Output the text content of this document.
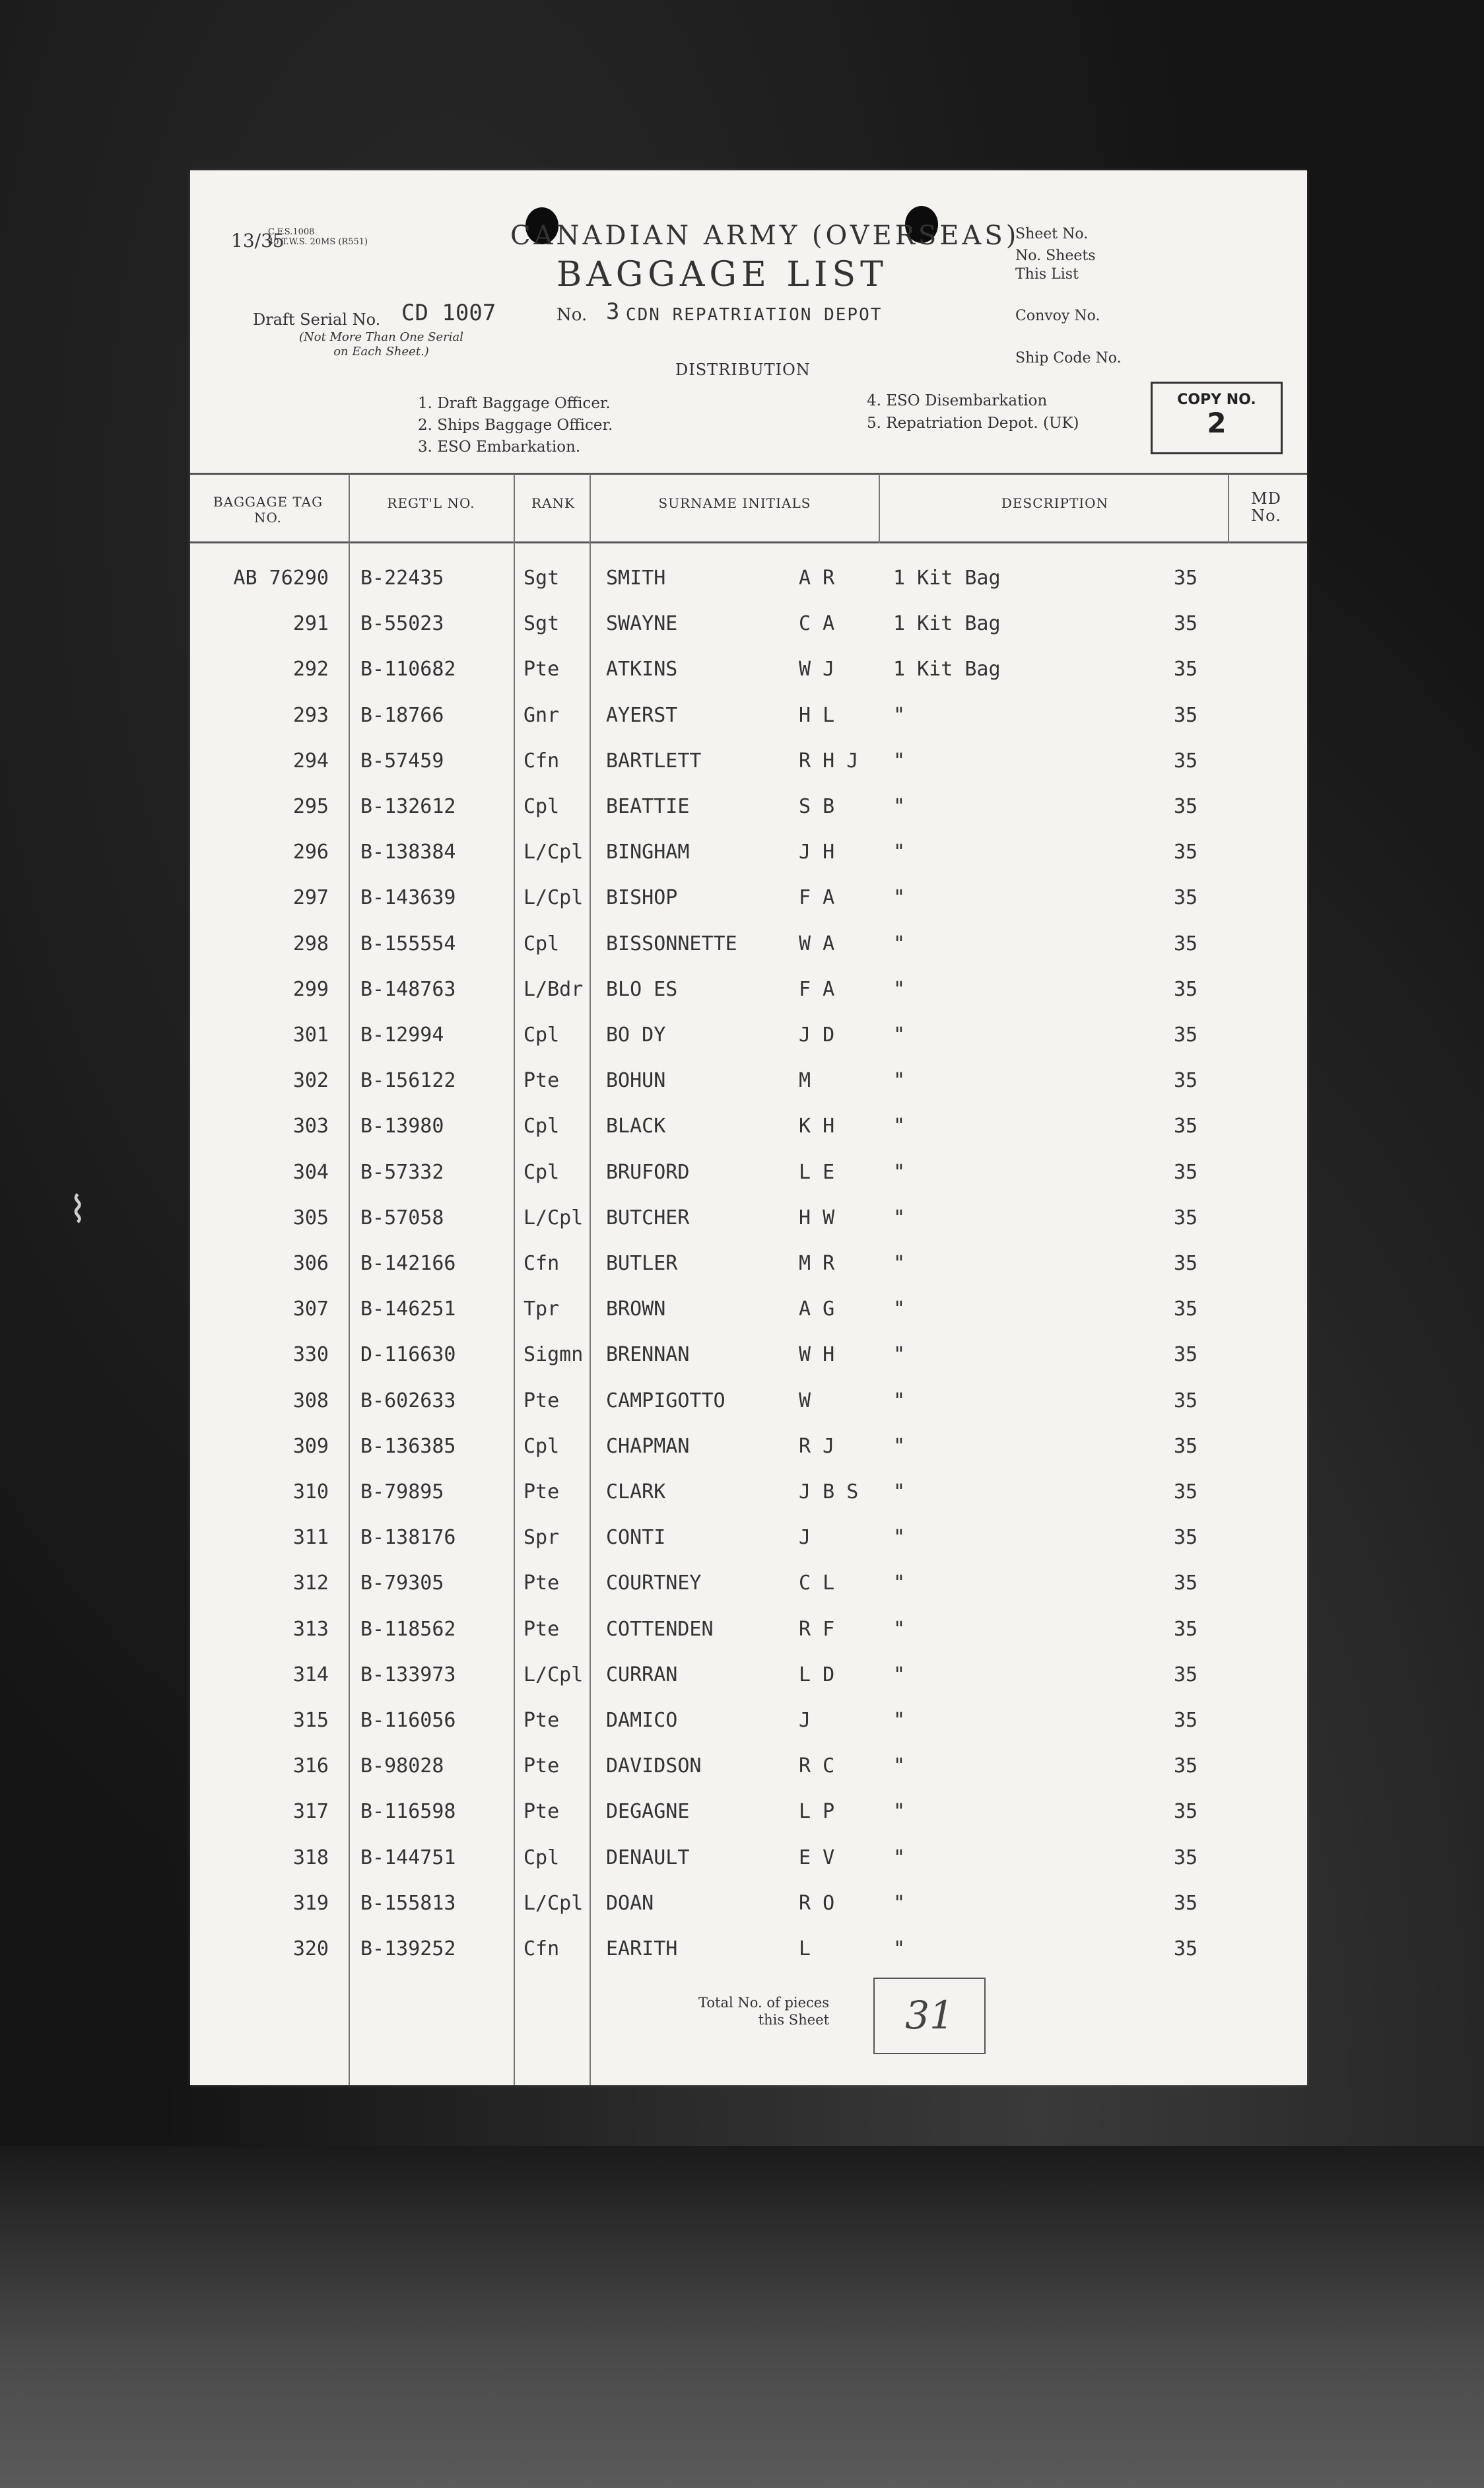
⌇
13/35
C.F.S.1008
40 T.W.S. 20MS (R551)	CANADIAN ARMY (OVERSEAS)
BAGGAGE LIST
Draft Serial No. CD 1007
(Not More Than One Serial
on Each Sheet.)
No. 3 CDN REPATRIATION DEPOT
Sheet No.
No. Sheets
This List
Convoy No.
Ship Code No.
DISTRIBUTION
1. Draft Baggage Officer.
2. Ships Baggage Officer.
3. ESO Embarkation.
4. ESO Disembarkation
5. Repatriation Depot. (UK)
COPY NO.
2
BAGGAGE TAG
NO.
REGT'L NO.	RANK	SURNAME INITIALS	DESCRIPTION	MD
No.
AB 76290 B-22435	Sgt SMITH	A R	1 Kit Bag	35
291 B-55023	Sgt SWAYNE	C A	1 Kit Bag	35
292 B-110682	Pte ATKINS	W J	1 Kit Bag	35
293 B-18766	Gnr AYERST	H L	"	35
294 B-57459	Cfn BARTLETT	R H J "	35
295 B-132612	Cpl BEATTIE	S B	"	35
296 B-138384	L/Cpl BINGHAM	J H	"	35
297 B-143639	L/Cpl BISHOP	F A	"	35
298 B-155554	Cpl BISSONNETTE	W A	"	35
299 B-148763	L/Bdr BLO ES	F A	"	35
301 B-12994	Cpl BO DY	J D	"	35
302 B-156122	Pte BOHUN	M	"	35
303 B-13980	Cpl BLACK	K H	"	35
304 B-57332	Cpl BRUFORD	L E	"	35
305 B-57058	L/Cpl BUTCHER	H W	"	35
306 B-142166	Cfn BUTLER	M R	"	35
307 B-146251	Tpr BROWN	A G	"	35
330 D-116630	Sigmn BRENNAN	W H	"	35
308 B-602633	Pte CAMPIGOTTO	W	"	35
309 B-136385	Cpl CHAPMAN	R J	"	35
310 B-79895	Pte CLARK	J B S "	35
311 B-138176	Spr CONTI	J	"	35
312 B-79305	Pte COURTNEY	C L	"	35
313 B-118562	Pte COTTENDEN	R F	"	35
314 B-133973	L/Cpl CURRAN	L D	"	35
315 B-116056	Pte DAMICO	J	"	35
316 B-98028	Pte DAVIDSON	R C	"	35
317 B-116598	Pte DEGAGNE	L P	"	35
318 B-144751	Cpl DENAULT	E V	"	35
319 B-155813	L/Cpl DOAN	R O	"	35
320 B-139252	Cfn EARITH	L	"	35
Total No. of pieces
this Sheet	31
